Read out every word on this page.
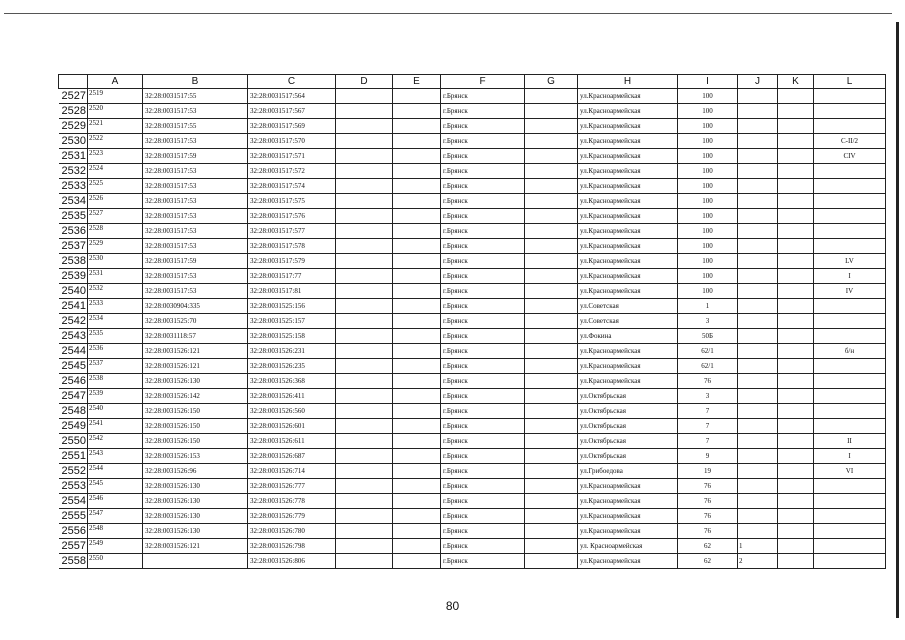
	A	B	C	D	E	F	G	H	I	J	K	L
2527	2519	32:28:0031517:55	32:28:0031517:564			г.Брянск		ул.Красноармейская	100			
2528	2520	32:28:0031517:53	32:28:0031517:567			г.Брянск		ул.Красноармейская	100			
2529	2521	32:28:0031517:55	32:28:0031517:569			г.Брянск		ул.Красноармейская	100			
2530	2522	32:28:0031517:53	32:28:0031517:570			г.Брянск		ул.Красноармейская	100			С-II/2
2531	2523	32:28:0031517:59	32:28:0031517:571			г.Брянск		ул.Красноармейская	100			СIV
2532	2524	32:28:0031517:53	32:28:0031517:572			г.Брянск		ул.Красноармейская	100			
2533	2525	32:28:0031517:53	32:28:0031517:574			г.Брянск		ул.Красноармейская	100			
2534	2526	32:28:0031517:53	32:28:0031517:575			г.Брянск		ул.Красноармейская	100			
2535	2527	32:28:0031517:53	32:28:0031517:576			г.Брянск		ул.Красноармейская	100			
2536	2528	32:28:0031517:53	32:28:0031517:577			г.Брянск		ул.Красноармейская	100			
2537	2529	32:28:0031517:53	32:28:0031517:578			г.Брянск		ул.Красноармейская	100			
2538	2530	32:28:0031517:59	32:28:0031517:579			г.Брянск		ул.Красноармейская	100			LV
2539	2531	32:28:0031517:53	32:28:0031517:77			г.Брянск		ул.Красноармейская	100			I
2540	2532	32:28:0031517:53	32:28:0031517:81			г.Брянск		ул.Красноармейская	100			IV
2541	2533	32:28:0030904:335	32:28:0031525:156			г.Брянск		ул.Советская	1			
2542	2534	32:28:0031525:70	32:28:0031525:157			г.Брянск		ул.Советская	3			
2543	2535	32:28:0031118:57	32:28:0031525:158			г.Брянск		ул.Фокина	50Б			
2544	2536	32:28:0031526:121	32:28:0031526:231			г.Брянск		ул.Красноармейская	62/1			б/н
2545	2537	32:28:0031526:121	32:28:0031526:235			г.Брянск		ул.Красноармейская	62/1			
2546	2538	32:28:0031526:130	32:28:0031526:368			г.Брянск		ул.Красноармейская	76			
2547	2539	32:28:0031526:142	32:28:0031526:411			г.Брянск		ул.Октябрьская	3			
2548	2540	32:28:0031526:150	32:28:0031526:560			г.Брянск		ул.Октябрьская	7			
2549	2541	32:28:0031526:150	32:28:0031526:601			г.Брянск		ул.Октябрьская	7			
2550	2542	32:28:0031526:150	32:28:0031526:611			г.Брянск		ул.Октябрьская	7			II
2551	2543	32:28:0031526:153	32:28:0031526:687			г.Брянск		ул.Октябрьская	9			I
2552	2544	32:28:0031526:96	32:28:0031526:714			г.Брянск		ул.Грибоедова	19			VI
2553	2545	32:28:0031526:130	32:28:0031526:777			г.Брянск		ул.Красноармейская	76			
2554	2546	32:28:0031526:130	32:28:0031526:778			г.Брянск		ул.Красноармейская	76			
2555	2547	32:28:0031526:130	32:28:0031526:779			г.Брянск		ул.Красноармейская	76			
2556	2548	32:28:0031526:130	32:28:0031526:780			г.Брянск		ул.Красноармейская	76			
2557	2549	32:28:0031526:121	32:28:0031526:798			г.Брянск		ул. Красноармейская	62	1		
2558	2550		32:28:0031526:806			г.Брянск		ул.Красноармейская	62	2		
80
